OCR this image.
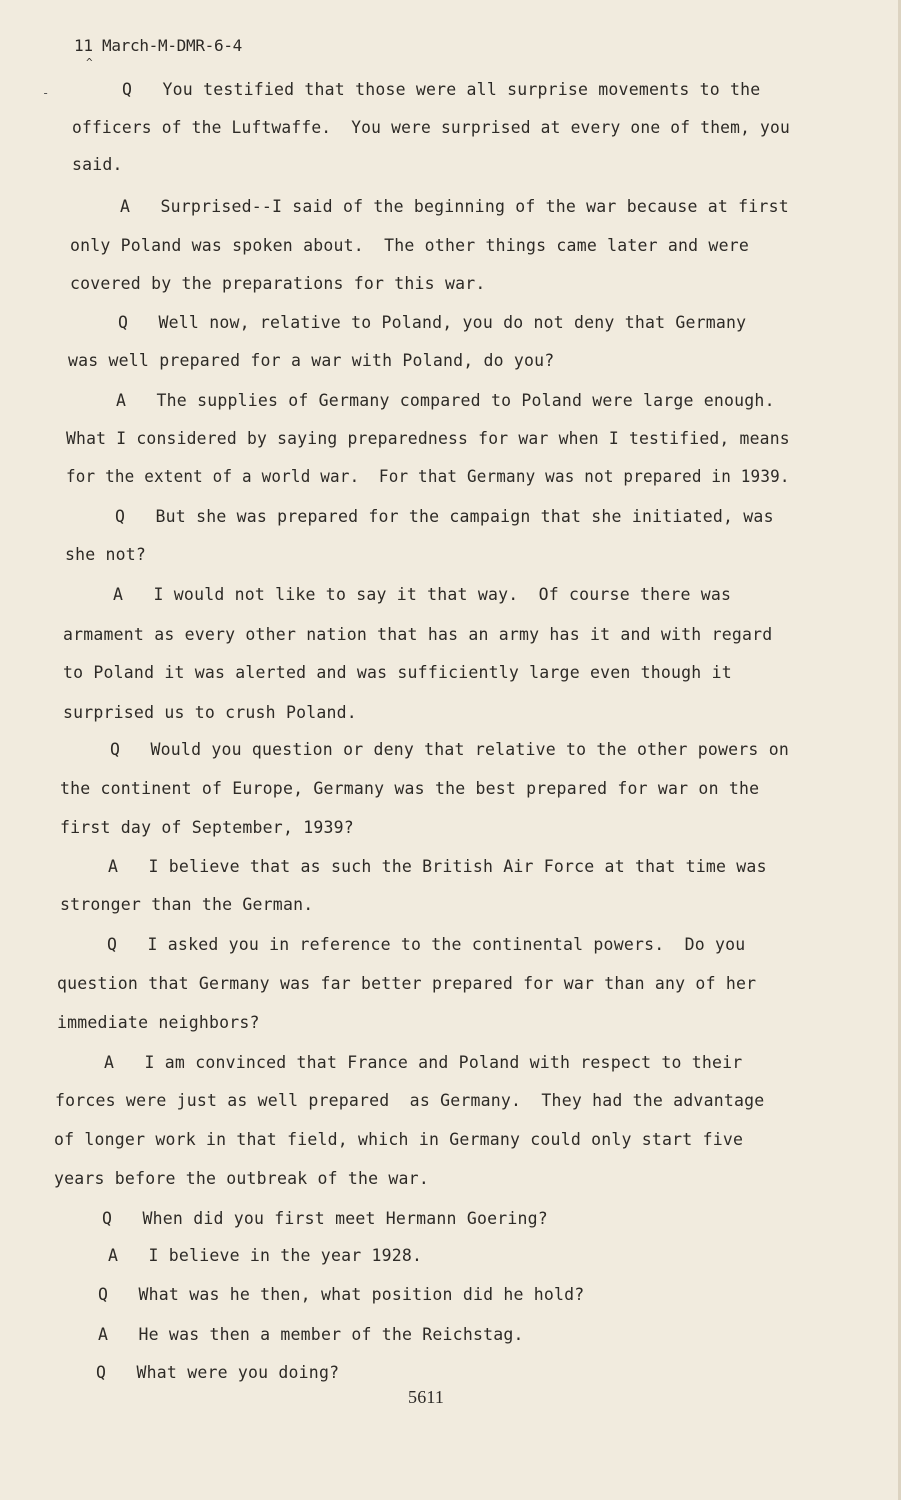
11 March-M-DMR-6-4
^
-	Q   You testified that those were all surprise movements to the
officers of the Luftwaffe.  You were surprised at every one of them, you
said.
A   Surprised--I said of the beginning of the war because at first
only Poland was spoken about.  The other things came later and were
covered by the preparations for this war.
Q   Well now, relative to Poland, you do not deny that Germany
was well prepared for a war with Poland, do you?
A   The supplies of Germany compared to Poland were large enough.
What I considered by saying preparedness for war when I testified, means
for the extent of a world war.  For that Germany was not prepared in 1939.
Q   But she was prepared for the campaign that she initiated, was
she not?
A   I would not like to say it that way.  Of course there was
armament as every other nation that has an army has it and with regard
to Poland it was alerted and was sufficiently large even though it
surprised us to crush Poland.
Q   Would you question or deny that relative to the other powers on
the continent of Europe, Germany was the best prepared for war on the
first day of September, 1939?
A   I believe that as such the British Air Force at that time was
stronger than the German.
Q   I asked you in reference to the continental powers.  Do you
question that Germany was far better prepared for war than any of her
immediate neighbors?
A   I am convinced that France and Poland with respect to their
forces were just as well prepared  as Germany.  They had the advantage
of longer work in that field, which in Germany could only start five
years before the outbreak of the war.
Q   When did you first meet Hermann Goering?
A   I believe in the year 1928.
Q   What was he then, what position did he hold?
A   He was then a member of the Reichstag.
Q   What were you doing?
5611
